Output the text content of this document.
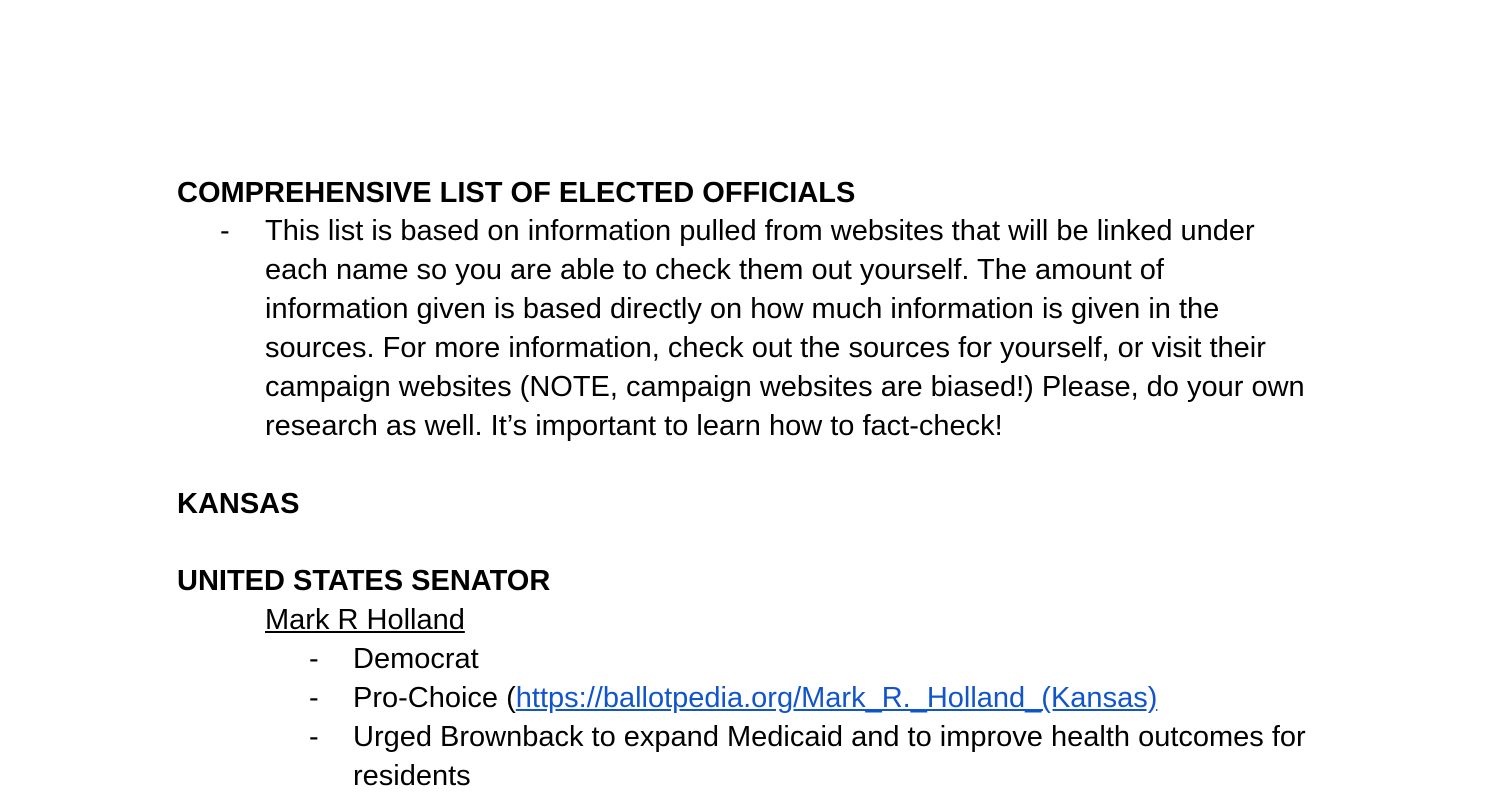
COMPREHENSIVE LIST OF ELECTED OFFICIALS
- This list is based on information pulled from websites that will be linked under
each name so you are able to check them out yourself. The amount of
information given is based directly on how much information is given in the
sources. For more information, check out the sources for yourself, or visit their
campaign websites (NOTE, campaign websites are biased!) Please, do your own
research as well. It’s important to learn how to fact-check!
KANSAS
UNITED STATES SENATOR
Mark R Holland
- Democrat
- Pro-Choice (https://ballotpedia.org/Mark_R._Holland_(Kansas)
- Urged Brownback to expand Medicaid and to improve health outcomes for
residents
